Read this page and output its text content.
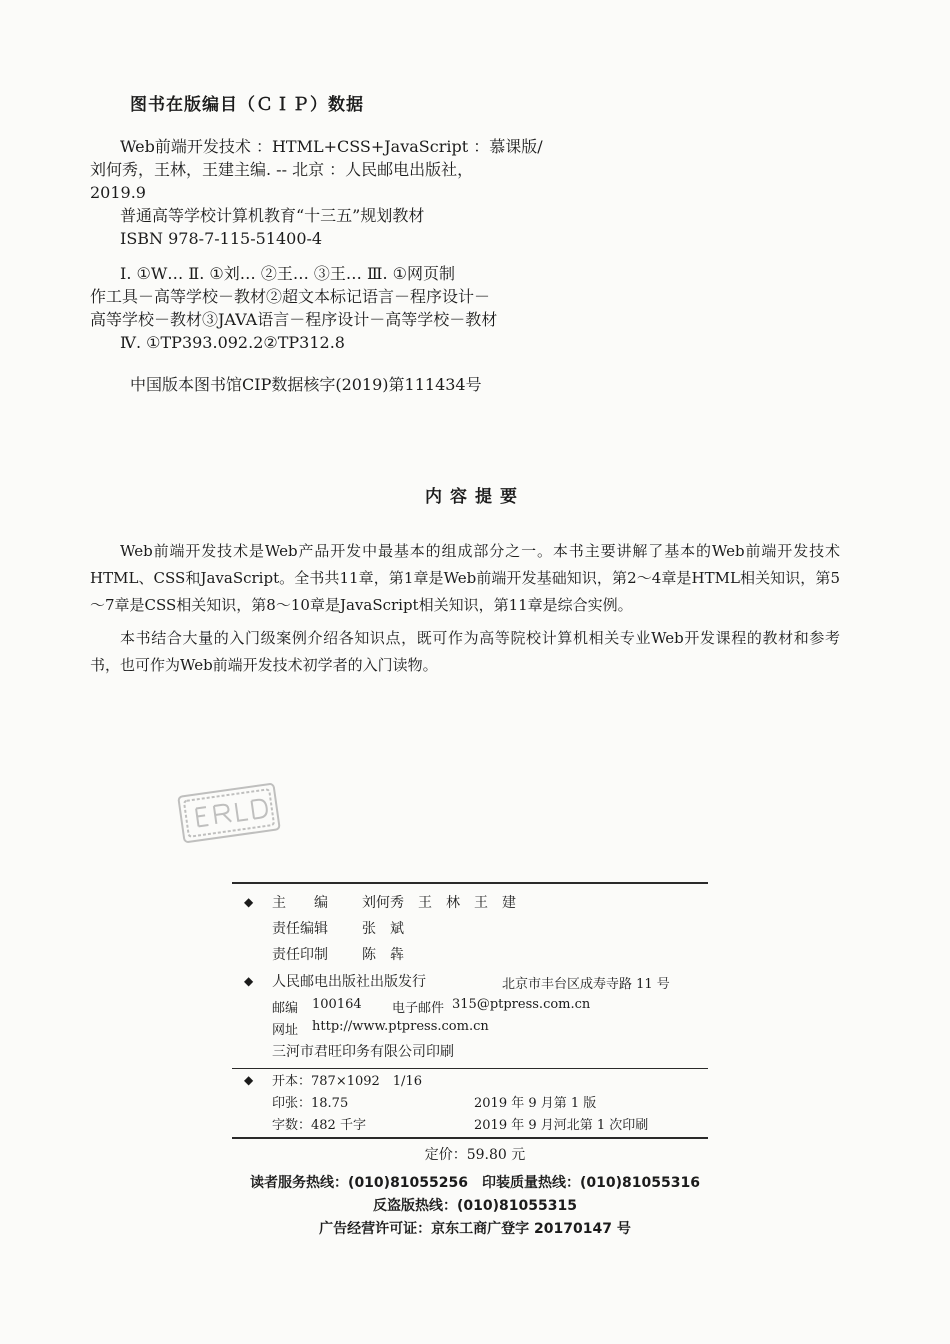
图书在版编目（ＣＩＰ）数据
Web前端开发技术 ：HTML+CSS+JavaScript ：慕课版/
刘何秀，王林，王建主编. -- 北京 ：人民邮电出版社，
2019.9
普通高等学校计算机教育“十三五”规划教材
ISBN 978-7-115-51400-4
Ⅰ. ①W… Ⅱ. ①刘… ②王… ③王… Ⅲ. ①网页制
作工具－高等学校－教材②超文本标记语言－程序设计－
高等学校－教材③JAVA语言－程序设计－高等学校－教材
Ⅳ. ①TP393.092.2②TP312.8
中国版本图书馆CIP数据核字(2019)第111434号
内容提要

Web前端开发技术是Web产品开发中最基本的组成部分之一。本书主要讲解了基本的Web前端开发技术HTML、CSS和JavaScript。全书共11章，第1章是Web前端开发基础知识，第2～4章是HTML相关知识，第5～7章是CSS相关知识，第8～10章是JavaScript相关知识，第11章是综合实例。

本书结合大量的入门级案例介绍各知识点，既可作为高等院校计算机相关专业Web开发课程的教材和参考书，也可作为Web前端开发技术初学者的入门读物。

◆ 主　　编 刘何秀　王　林　王　建
责任编辑 张　斌
责任印制 陈　犇
◆ 人民邮电出版社出版发行	北京市丰台区成寿寺路 11 号
邮编 100164 电子邮件 315@ptpress.com.cn
网址 http://www.ptpress.com.cn
三河市君旺印务有限公司印刷
◆ 开本：787×1092　1/16
印张：18.75	2019 年 9 月第 1 版
字数：482 千字	2019 年 9 月河北第 1 次印刷
定价：59.80 元
读者服务热线：(010)81055256　印装质量热线：(010)81055316
反盗版热线：(010)81055315
广告经营许可证：京东工商广登字 20170147 号
